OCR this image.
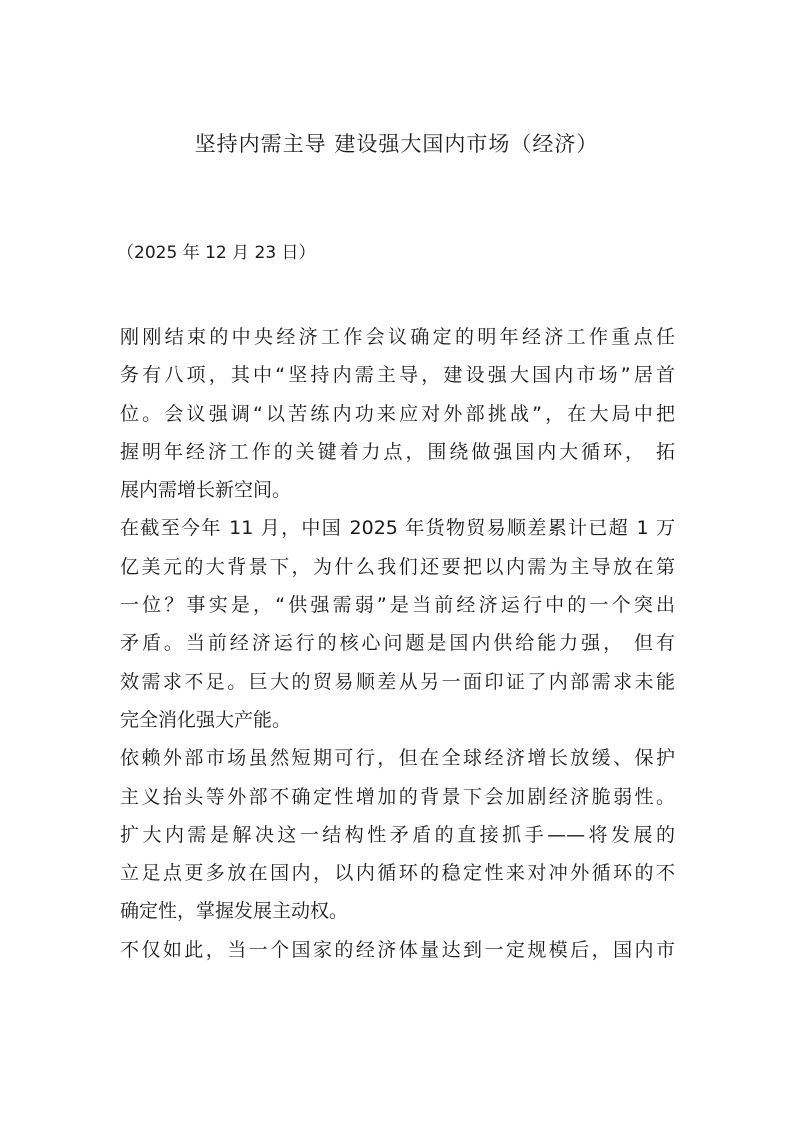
坚持内需主导 建设强大国内市场（经济）
（2025 年 12 月 23 日）
刚刚结束的中央经济工作会议确定的明年经济工作重点任
务有八项，其中“坚持内需主导，建设强大国内市场”居首
位。会议强调“以苦练内功来应对外部挑战”，在大局中把
握明年经济工作的关键着力点，围绕做强国内大循环， 拓
展内需增长新空间。
在截至今年 11 月，中国 2025 年货物贸易顺差累计已超 1 万
亿美元的大背景下，为什么我们还要把以内需为主导放在第
一位？事实是，“供强需弱”是当前经济运行中的一个突出
矛盾。当前经济运行的核心问题是国内供给能力强， 但有
效需求不足。巨大的贸易顺差从另一面印证了内部需求未能
完全消化强大产能。
依赖外部市场虽然短期可行，但在全球经济增长放缓、保护
主义抬头等外部不确定性增加的背景下会加剧经济脆弱性。
扩大内需是解决这一结构性矛盾的直接抓手——将发展的
立足点更多放在国内，以内循环的稳定性来对冲外循环的不
确定性，掌握发展主动权。
不仅如此，当一个国家的经济体量达到一定规模后，国内市
